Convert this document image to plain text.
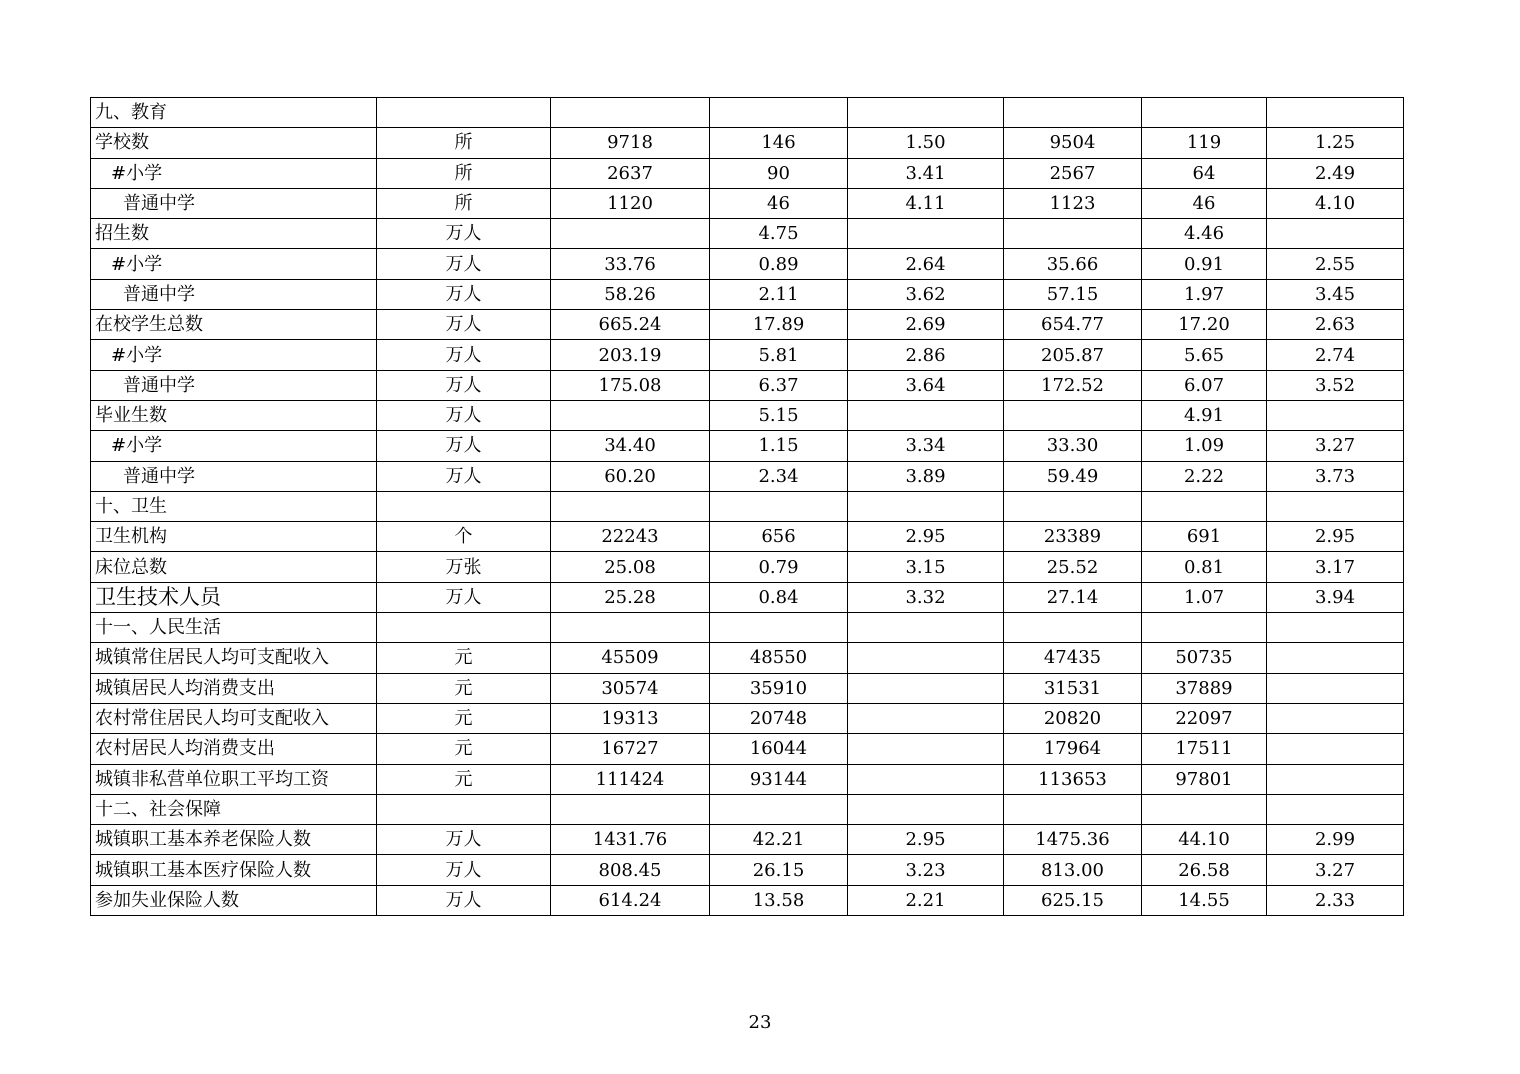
九、教育							
学校数	所	9718	146	1.50	9504	119	1.25
#小学	所	2637	90	3.41	2567	64	2.49
普通中学	所	1120	46	4.11	1123	46	4.10
招生数	万人		4.75			4.46	
#小学	万人	33.76	0.89	2.64	35.66	0.91	2.55
普通中学	万人	58.26	2.11	3.62	57.15	1.97	3.45
在校学生总数	万人	665.24	17.89	2.69	654.77	17.20	2.63
#小学	万人	203.19	5.81	2.86	205.87	5.65	2.74
普通中学	万人	175.08	6.37	3.64	172.52	6.07	3.52
毕业生数	万人		5.15			4.91	
#小学	万人	34.40	1.15	3.34	33.30	1.09	3.27
普通中学	万人	60.20	2.34	3.89	59.49	2.22	3.73
十、卫生							
卫生机构	个	22243	656	2.95	23389	691	2.95
床位总数	万张	25.08	0.79	3.15	25.52	0.81	3.17
卫生技术人员	万人	25.28	0.84	3.32	27.14	1.07	3.94
十一、人民生活							
城镇常住居民人均可支配收入	元	45509	48550		47435	50735	
城镇居民人均消费支出	元	30574	35910		31531	37889	
农村常住居民人均可支配收入	元	19313	20748		20820	22097	
农村居民人均消费支出	元	16727	16044		17964	17511	
城镇非私营单位职工平均工资	元	111424	93144		113653	97801	
十二、社会保障							
城镇职工基本养老保险人数	万人	1431.76	42.21	2.95	1475.36	44.10	2.99
城镇职工基本医疗保险人数	万人	808.45	26.15	3.23	813.00	26.58	3.27
参加失业保险人数	万人	614.24	13.58	2.21	625.15	14.55	2.33
23
